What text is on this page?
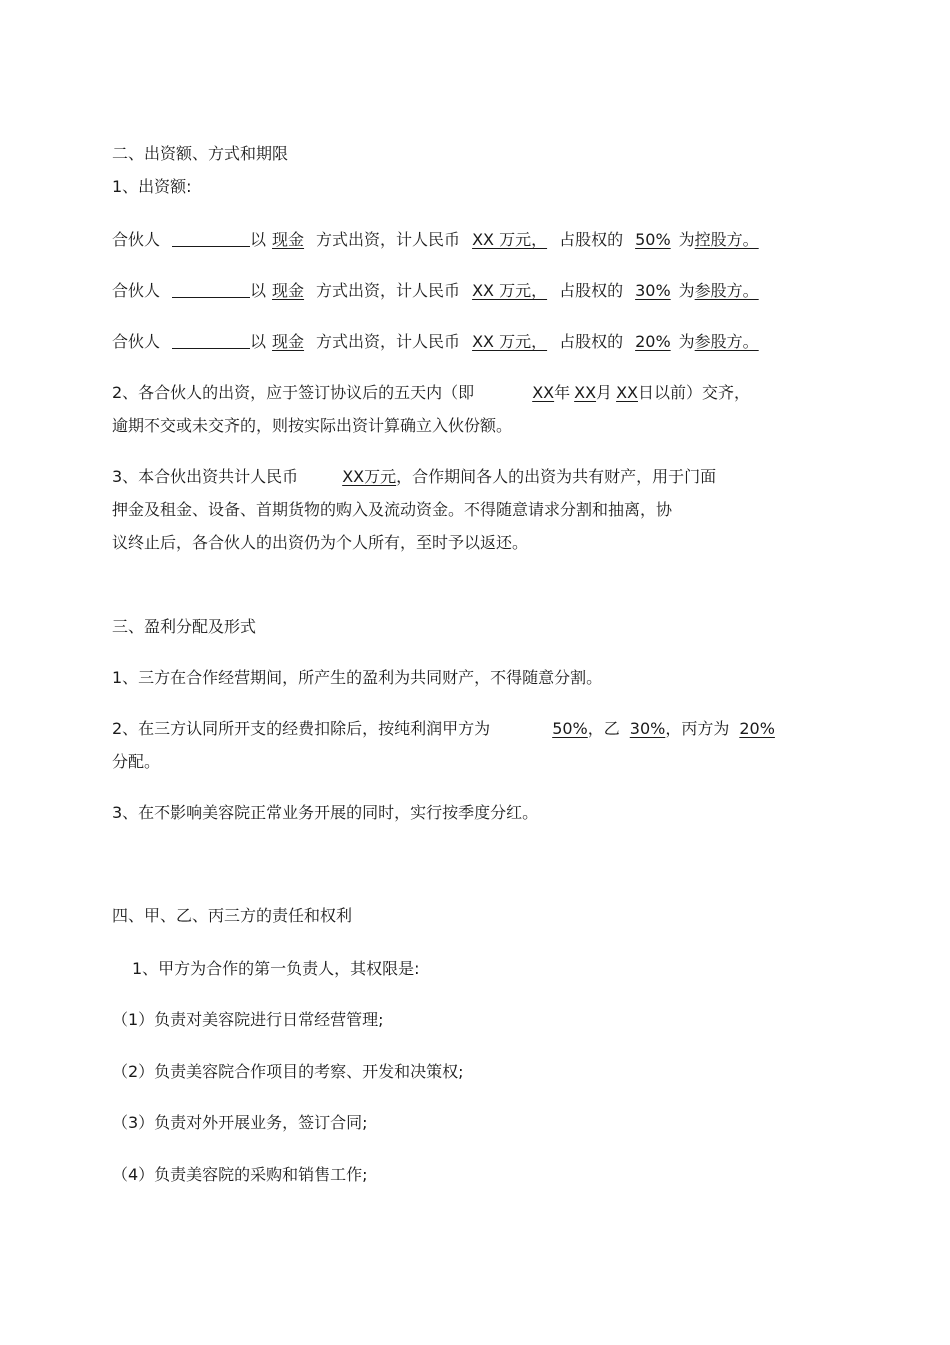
二、出资额、方式和期限
1、出资额:
合伙人	以 现金 方式出资，计人民币 XX 万元， 占股权的 50% 为控股方。
合伙人	以 现金 方式出资，计人民币 XX 万元， 占股权的 30% 为参股方。
合伙人	以 现金 方式出资，计人民币 XX 万元， 占股权的 20% 为参股方。
2、各合伙人的出资，应于签订协议后的五天内（即	XX年 XX月 XX日以前）交齐，
逾期不交或未交齐的，则按实际出资计算确立入伙份额。
3、本合伙出资共计人民币	XX万元，合作期间各人的出资为共有财产，用于门面
押金及租金、设备、首期货物的购入及流动资金。不得随意请求分割和抽离，协
议终止后，各合伙人的出资仍为个人所有，至时予以返还。
三、盈利分配及形式
1、三方在合作经营期间，所产生的盈利为共同财产，不得随意分割。
2、在三方认同所开支的经费扣除后，按纯利润甲方为	50%，乙 30%，丙方为 20%
分配。
3、在不影响美容院正常业务开展的同时，实行按季度分红。
四、甲、乙、丙三方的责任和权利
1、甲方为合作的第一负责人，其权限是:
（1）负责对美容院进行日常经营管理;
（2）负责美容院合作项目的考察、开发和决策权;
（3）负责对外开展业务，签订合同;
（4）负责美容院的采购和销售工作;
